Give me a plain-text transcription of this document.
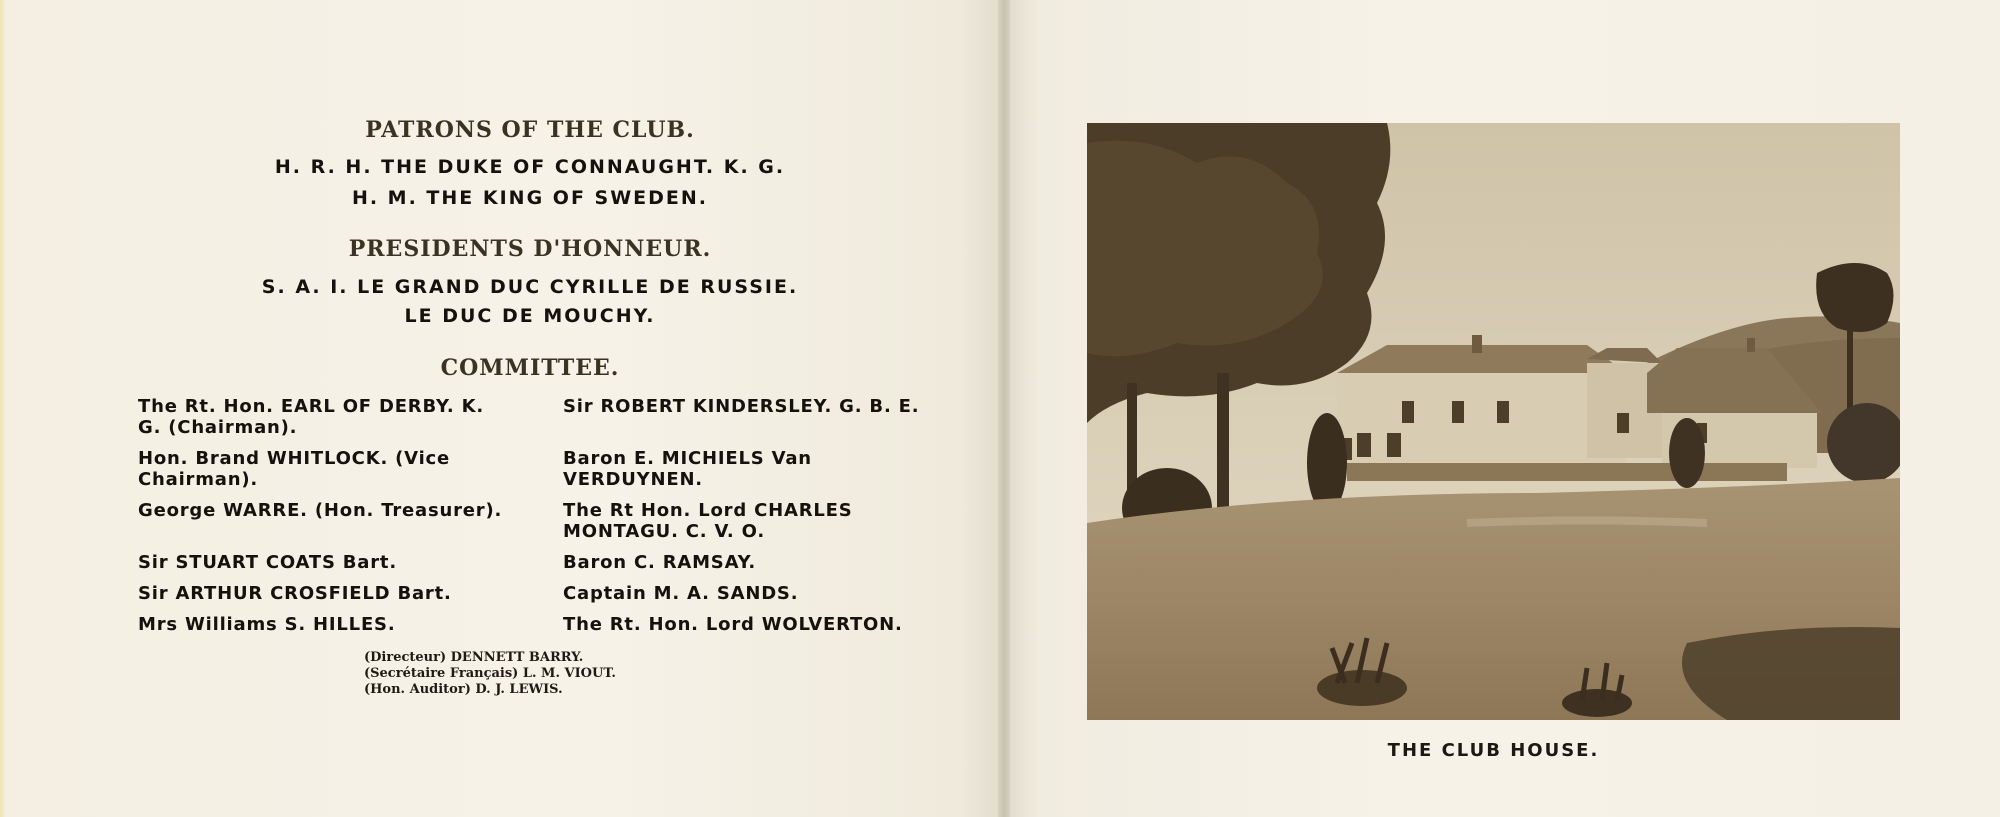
PATRONS OF THE CLUB.
H. R. H. THE DUKE OF CONNAUGHT. K. G.
H. M. THE KING OF SWEDEN.
PRESIDENTS D'HONNEUR.
S. A. I. LE GRAND DUC CYRILLE DE RUSSIE.
LE DUC DE MOUCHY.
COMMITTEE.
The Rt. Hon. EARL OF DERBY. K. G. (Chairman).
Hon. Brand WHITLOCK. (Vice Chairman).
George WARRE. (Hon. Treasurer).
Sir STUART COATS Bart.
Sir ARTHUR CROSFIELD Bart.
Mrs Williams S. HILLES.
Sir ROBERT KINDERSLEY. G. B. E.
Baron E. MICHIELS Van VERDUYNEN.
The Rt Hon. Lord CHARLES MONTAGU. C. V. O.
Baron C. RAMSAY.
Captain M. A. SANDS.
The Rt. Hon. Lord WOLVERTON.
(Directeur) DENNETT BARRY.
(Secrétaire Français) L. M. VIOUT.
(Hon. Auditor) D. J. LEWIS.
THE CLUB HOUSE.
